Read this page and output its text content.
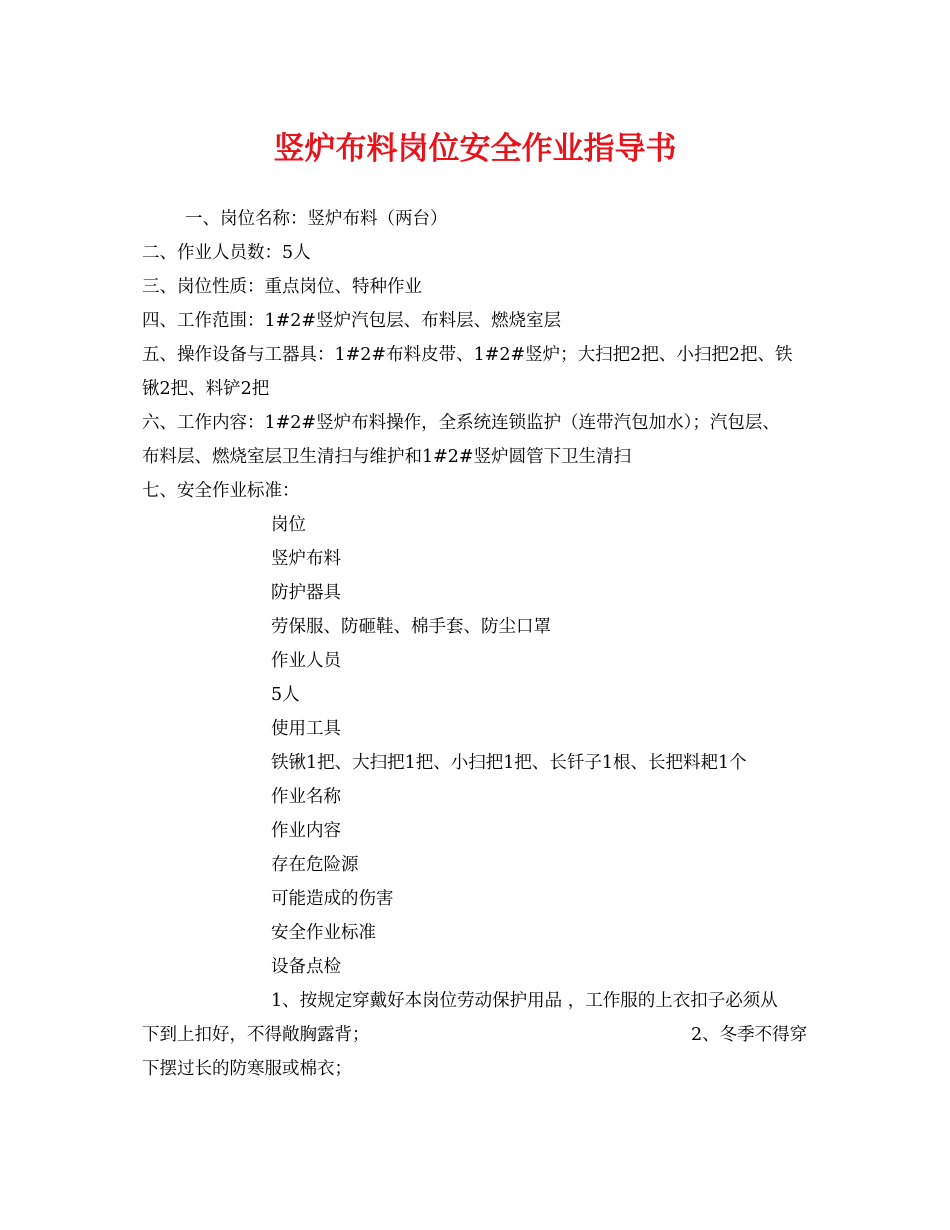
竖炉布料岗位安全作业指导书

一、岗位名称：竖炉布料（两台）

二、作业人员数：5人

三、岗位性质：重点岗位、特种作业

四、工作范围：1#2#竖炉汽包层、布料层、燃烧室层

五、操作设备与工器具：1#2#布料皮带、1#2#竖炉；大扫把2把、小扫把2把、铁

锹2把、料铲2把

六、工作内容：1#2#竖炉布料操作，全系统连锁监护（连带汽包加水）；汽包层、

布料层、燃烧室层卫生清扫与维护和1#2#竖炉圆管下卫生清扫

七、安全作业标准：

岗位

竖炉布料

防护器具

劳保服、防砸鞋、棉手套、防尘口罩

作业人员

5人

使用工具

铁锹1把、大扫把1把、小扫把1把、长钎子1根、长把料耙1个

作业名称

作业内容

存在危险源

可能造成的伤害

安全作业标准

设备点检

1、按规定穿戴好本岗位劳动保护用品 ，工作服的上衣扣子必须从

下到上扣好，不得敞胸露背；	2、冬季不得穿

下摆过长的防寒服或棉衣；
